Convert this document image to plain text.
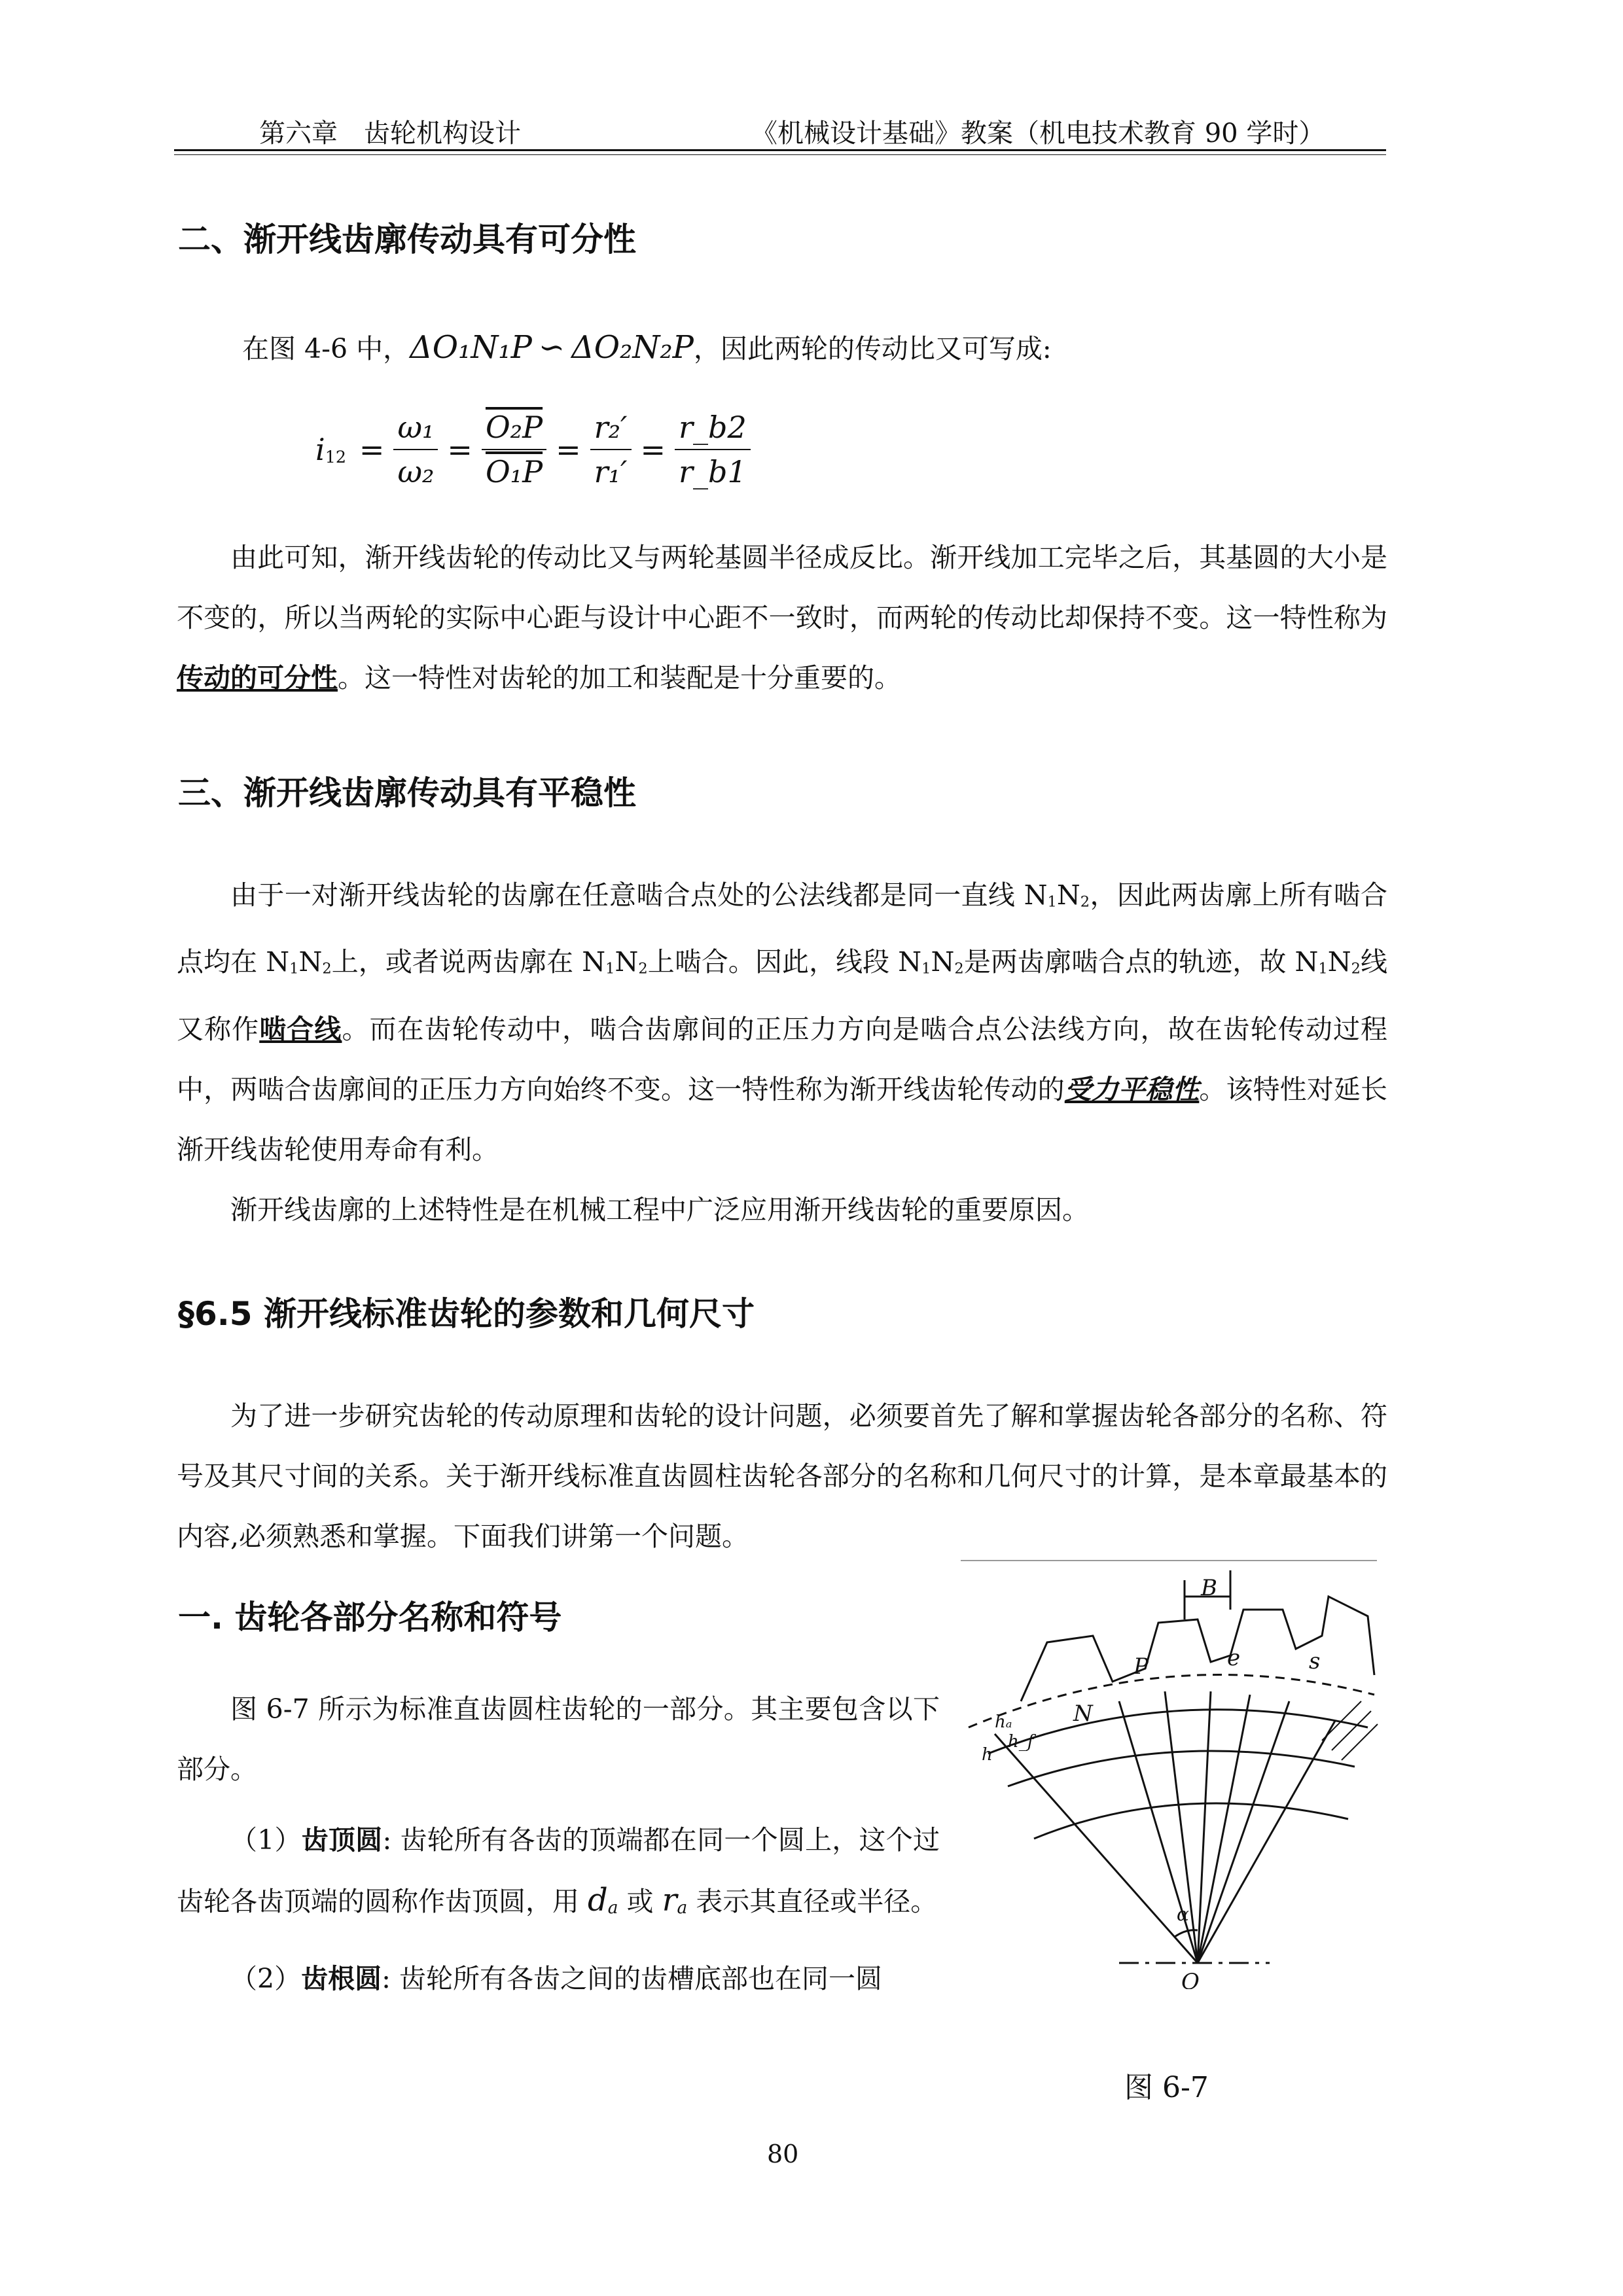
第六章　齿轮机构设计	《机械设计基础》教案（机电技术教育 90 学时）
二、渐开线齿廓传动具有可分性
在图 4-6 中，ΔO₁N₁P ∽ ΔO₂N₂P，因此两轮的传动比又可写成:
$i12 = \frac{\text{ω₁}}{\text{ω₂}} = \frac{\text{O₂P}}{\text{O₁P}} = \frac{\text{r₂′}}{\text{r₁′}} = \frac{r\_b2}{r\_b1}$

由此可知，渐开线齿轮的传动比又与两轮基圆半径成反比。渐开线加工完毕之后，其基圆的大小是不变的，所以当两轮的实际中心距与设计中心距不一致时，而两轮的传动比却保持不变。这一特性称为传动的可分性。这一特性对齿轮的加工和装配是十分重要的。

三、渐开线齿廓传动具有平稳性

由于一对渐开线齿轮的齿廓在任意啮合点处的公法线都是同一直线 N1N2，因此两齿廓上所有啮合点均在 N1N2上，或者说两齿廓在 N1N2上啮合。因此，线段 N1N2是两齿廓啮合点的轨迹，故 N1N2线又称作啮合线。而在齿轮传动中，啮合齿廓间的正压力方向是啮合点公法线方向，故在齿轮传动过程中，两啮合齿廓间的正压力方向始终不变。这一特性称为渐开线齿轮传动的受力平稳性。该特性对延长渐开线齿轮使用寿命有利。

渐开线齿廓的上述特性是在机械工程中广泛应用渐开线齿轮的重要原因。

§6.5 渐开线标准齿轮的参数和几何尺寸

为了进一步研究齿轮的传动原理和齿轮的设计问题，必须要首先了解和掌握齿轮各部分的名称、符号及其尺寸间的关系。关于渐开线标准直齿圆柱齿轮各部分的名称和几何尺寸的计算，是本章最基本的内容,必须熟悉和掌握。下面我们讲第一个问题。

一. 齿轮各部分名称和符号

图 6-7 所示为标准直齿圆柱齿轮的一部分。其主要包含以下部分。

（1）齿顶圆: 齿轮所有各齿的顶端都在同一个圆上，这个过齿轮各齿顶端的圆称作齿顶圆，用 da 或 ra 表示其直径或半径。

（2）齿根圆: 齿轮所有各齿之间的齿槽底部也在同一圆

B
P
N
e	s
O
α
hₐ
h_f
h
图 6-7
80
